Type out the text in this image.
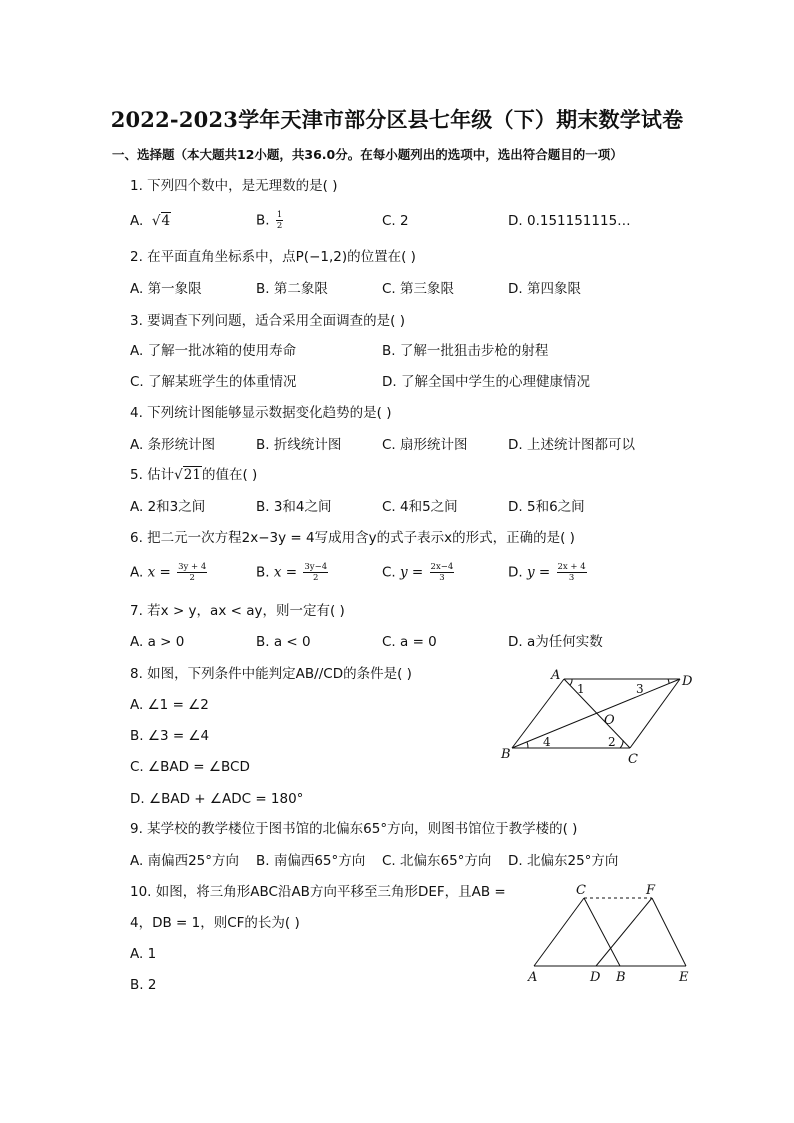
2022-2023学年天津市部分区县七年级（下）期末数学试卷
一、选择题（本大题共12小题，共36.0分。在每小题列出的选项中，选出符合题目的一项）
1. 下列四个数中，是无理数的是( )
A.  √4	B. $\frac{1}{2}$	C. 2	D. 0.151151115…
2. 在平面直角坐标系中，点P(−1,2)的位置在( )
A. 第一象限	B. 第二象限	C. 第三象限	D. 第四象限
3. 要调查下列问题，适合采用全面调查的是( )
A. 了解一批冰箱的使用寿命	B. 了解一批狙击步枪的射程
C. 了解某班学生的体重情况	D. 了解全国中学生的心理健康情况
4. 下列统计图能够显示数据变化趋势的是( )
A. 条形统计图	B. 折线统计图	C. 扇形统计图	D. 上述统计图都可以
5. 估计√21的值在( )
A. 2和3之间	B. 3和4之间	C. 4和5之间	D. 5和6之间
6. 把二元一次方程2x−3y = 4写成用含y的式子表示x的形式，正确的是( )
A. $x = \frac{3y + 4}{2}$	B. $x = \frac{3y-4}{2}$	C. $y = \frac{2x-4}{3}$	D. $y = \frac{2x + 4}{3}$
7. 若x > y，ax < ay，则一定有( )
A. a > 0	B. a < 0	C. a = 0	D. a为任何实数
8. 如图，下列条件中能判定AB//CD的条件是( )
A. ∠1 = ∠2
B. ∠3 = ∠4
C. ∠BAD = ∠BCD
D. ∠BAD + ∠ADC = 180°
A	D
B	C
O
1
2
3
4
9. 某学校的教学楼位于图书馆的北偏东65°方向，则图书馆位于教学楼的( )
A. 南偏西25°方向 B. 南偏西65°方向 C. 北偏东65°方向 D. 北偏东25°方向
10. 如图，将三角形ABC沿AB方向平移至三角形DEF，且AB =
4，DB = 1，则CF的长为( )
A. 1
B. 2
C	F
A	D B	E
